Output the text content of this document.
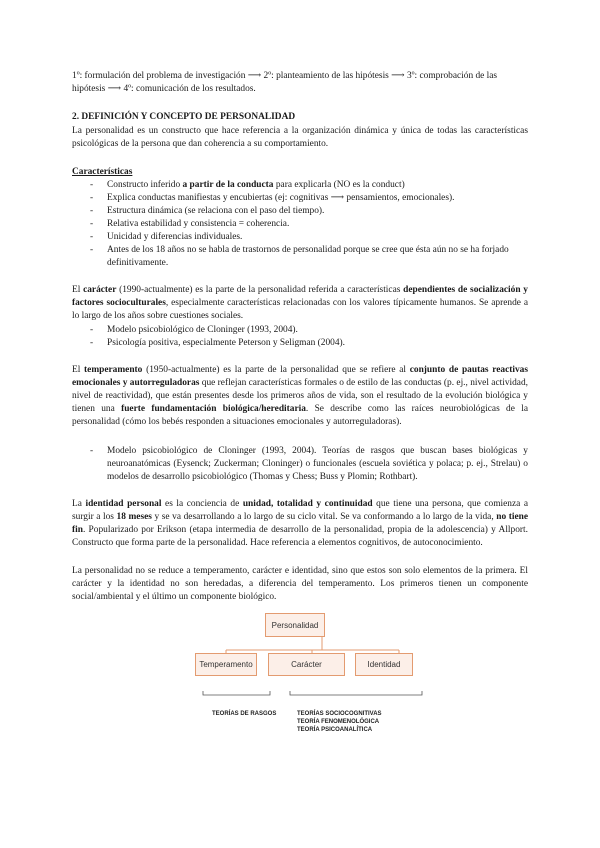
1º: formulación del problema de investigación ⟶ 2º: planteamiento de las hipótesis ⟶ 3º: comprobación de las
hipótesis ⟶ 4º: comunicación de los resultados.
2. DEFINICIÓN Y CONCEPTO DE PERSONALIDAD
La personalidad es un constructo que hace referencia a la organización dinámica y única de todas las características psicológicas de la persona que dan coherencia a su comportamiento.
Características
- Constructo inferido a partir de la conducta para explicarla (NO es la conduct)
- Explica conductas manifiestas y encubiertas (ej: cognitivas ⟶ pensamientos, emocionales).
- Estructura dinámica (se relaciona con el paso del tiempo).
- Relativa estabilidad y consistencia = coherencia.
- Unicidad y diferencias individuales.
- Antes de los 18 años no se habla de trastornos de personalidad porque se cree que ésta aún no se ha forjado definitivamente.
El carácter (1990-actualmente) es la parte de la personalidad referida a características dependientes de socialización y factores socioculturales, especialmente características relacionadas con los valores típicamente humanos. Se aprende a lo largo de los años sobre cuestiones sociales.
- Modelo psicobiológico de Cloninger (1993, 2004).
- Psicología positiva, especialmente Peterson y Seligman (2004).
El temperamento (1950-actualmente) es la parte de la personalidad que se refiere al conjunto de pautas reactivas emocionales y autorreguladoras que reflejan características formales o de estilo de las conductas (p. ej., nivel actividad, nivel de reactividad), que están presentes desde los primeros años de vida, son el resultado de la evolución biológica y tienen una fuerte fundamentación biológica/hereditaria. Se describe como las raíces neurobiológicas de la personalidad (cómo los bebés responden a situaciones emocionales y autorreguladoras).
- Modelo psicobiológico de Cloninger (1993, 2004). Teorías de rasgos que buscan bases biológicas y neuroanatómicas (Eysenck; Zuckerman; Cloninger) o funcionales (escuela soviética y polaca; p. ej., Strelau) o modelos de desarrollo psicobiológico (Thomas y Chess; Buss y Plomin; Rothbart).
La identidad personal es la conciencia de unidad, totalidad y continuidad que tiene una persona, que comienza a surgir a los 18 meses y se va desarrollando a lo largo de su ciclo vital. Se va conformando a lo largo de la vida, no tiene fin. Popularizado por Erikson (etapa intermedia de desarrollo de la personalidad, propia de la adolescencia) y Allport. Constructo que forma parte de la personalidad. Hace referencia a elementos cognitivos, de autoconocimiento.
La personalidad no se reduce a temperamento, carácter e identidad, sino que estos son solo elementos de la primera. El carácter y la identidad no son heredadas, a diferencia del temperamento. Los primeros tienen un componente social/ambiental y el último un componente biológico.
Personalidad
Temperamento	Carácter	Identidad
TEORÍAS DE RASGOS	TEORÍAS SOCIOCOGNITIVAS
TEORÍA FENOMENOLÓGICA
TEORÍA PSICOANALÍTICA
